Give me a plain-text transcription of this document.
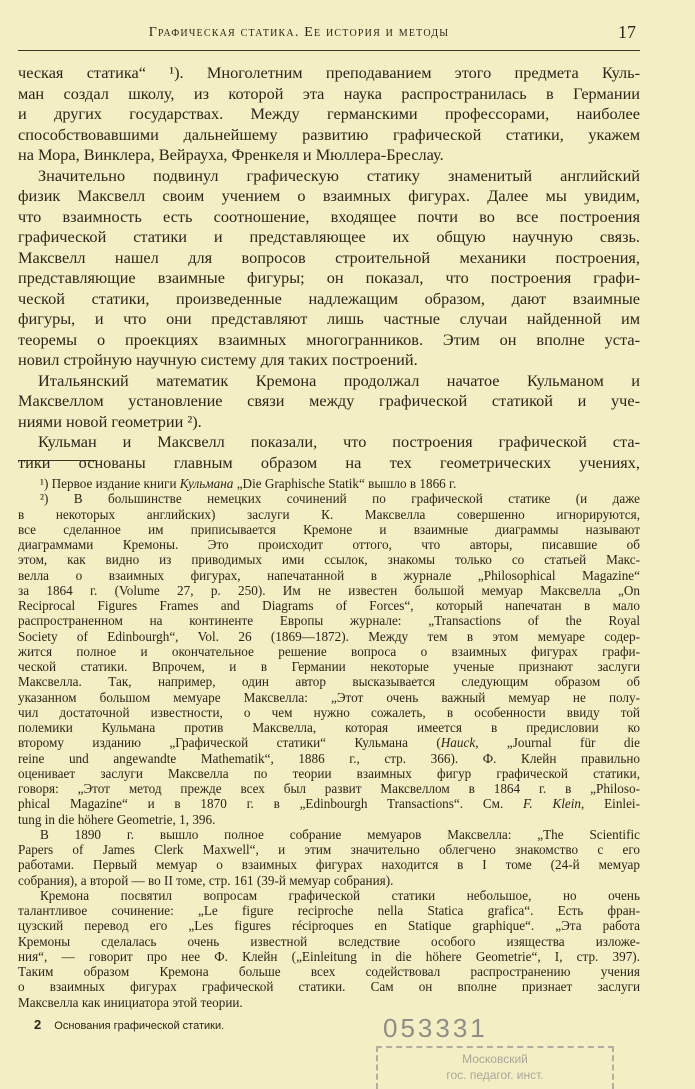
Графическая статика. Ее история и методы	17
ческая статика“ ¹). Многолетним преподаванием этого предмета Куль-
ман создал школу, из которой эта наука распространилась в Германии
и других государствах. Между германскими профессорами, наиболее
способствовавшими дальнейшему развитию графической статики, укажем
на Мора, Винклера, Вейрауха, Френкеля и Мюллера-Бреслау.
Значительно подвинул графическую статику знаменитый английский
физик Максвелл своим учением о взаимных фигурах. Далее мы увидим,
что взаимность есть соотношение, входящее почти во все построения
графической статики и представляющее их общую научную связь.
Максвелл нашел для вопросов строительной механики построения,
представляющие взаимные фигуры; он показал, что построения графи-
ческой статики, произведенные надлежащим образом, дают взаимные
фигуры, и что они представляют лишь частные случаи найденной им
теоремы о проекциях взаимных многогранников. Этим он вполне уста-
новил стройную научную систему для таких построений.
Итальянский математик Кремона продолжал начатое Кульманом и
Максвеллом установление связи между графической статикой и уче-
ниями новой геометрии ²).
Кульман и Максвелл показали, что построения графической ста-
тики основаны главным образом на тех геометрических учениях,
¹) Первое издание книги Кульмана „Die Graphische Statik“ вышло в 1866 г.
²) В большинстве немецких сочинений по графической статике (и даже
в некоторых английских) заслуги К. Максвелла совершенно игнорируются,
все сделанное им приписывается Кремоне и взаимные диаграммы называют
диаграммами Кремоны. Это происходит оттого, что авторы, писавшие об
этом, как видно из приводимых ими ссылок, знакомы только со статьей Макс-
велла о взаимных фигурах, напечатанной в журнале „Philosophical Magazine“
за 1864 г. (Volume 27, p. 250). Им не известен большой мемуар Максвелла „On
Reciprocal Figures Frames and Diagrams of Forces“, который напечатан в мало
распространенном на континенте Европы журнале: „Transactions of the Royal
Society of Edinbourgh“, Vol. 26 (1869—1872). Между тем в этом мемуаре содер-
жится полное и окончательное решение вопроса о взаимных фигурах графи-
ческой статики. Впрочем, и в Германии некоторые ученые признают заслуги
Максвелла. Так, например, один автор высказывается следующим образом об
указанном большом мемуаре Максвелла: „Этот очень важный мемуар не полу-
чил достаточной известности, о чем нужно сожалеть, в особенности ввиду той
полемики Кульмана против Максвелла, которая имеется в предисловии ко
второму изданию „Графической статики“ Кульмана (Hauck, „Journal für die
reine und angewandte Mathematik“, 1886 г., стр. 366). Ф. Клейн правильно
оценивает заслуги Максвелла по теории взаимных фигур графической статики,
говоря: „Этот метод прежде всех был развит Максвеллом в 1864 г. в „Philoso-
phical Magazine“ и в 1870 г. в „Edinbourgh Transactions“. См. F. Klein, Einlei-
tung in die höhere Geometrie, 1, 396.
В 1890 г. вышло полное собрание мемуаров Максвелла: „The Scientific
Papers of James Clerk Maxwell“, и этим значительно облегчено знакомство с его
работами. Первый мемуар о взаимных фигурах находится в I томе (24-й мемуар
собрания), а второй — во II томе, стр. 161 (39-й мемуар собрания).
Кремона посвятил вопросам графической статики небольшое, но очень
талантливое сочинение: „Le figure reciproche nella Statica grafica“. Есть фран-
цузский перевод его „Les figures réciproques en Statique graphique“. „Эта работа
Кремоны сделалась очень известной вследствие особого изящества изложе-
ния“, — говорит про нее Ф. Клейн („Einleitung in die höhere Geometrie“, I, стр. 397).
Таким образом Кремона больше всех содействовал распространению учения
о взаимных фигурах графической статики. Сам он вполне признает заслуги
Максвелла как инициатора этой теории.
2 Основания графической статики.	053331
Московский
гос. педагог. инст.
